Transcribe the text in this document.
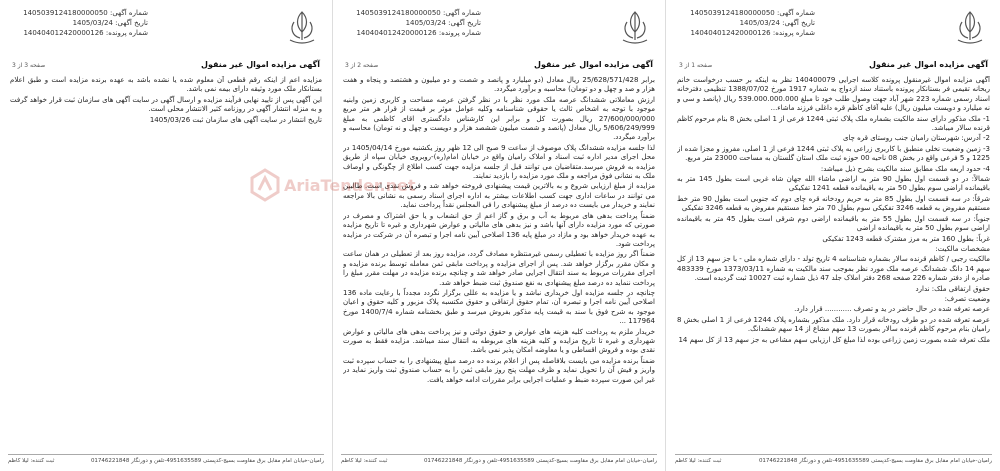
شماره آگهی: 1405039124180000050
تاریخ آگهی: 1405/03/24
شماره پرونده: 140404012420000126
صفحه 1 از 3	آگهی مزایده اموال غیر منقول

آگهی مزایده اموال غیرمنقول پرونده کلاسه اجرایی 140400079 نظر به اینکه بر حسب درخواست خانم ریحانه تقیمی فر بستانکار پرونده باستناد سند ازدواج به شماره 1917 مورخ 1388/07/02 تنظیمی دفترخانه اسناد رسمی شماره 223 شهر آباد جهت وصول طلب خود تا مبلغ 539.000.000.000 ریال (پانصد و سی و نه میلیارد و دویست میلیون ریال) علیه آقای کاظم قره داغلی فرزند ماشاء...

1- ملک مذکور دارای سند مالکیت بشماره ملک پلاک ثبتی 1244 فرعی از 1 اصلی بخش 8 بنام مرحوم کاظم قرنده سالار میباشد.

2- آدرس: شهرستان رامیان جنب روستای قره چای

3- زمین وضعیت نخلی منطبق با کاربری زراعی به پلاک ثبتی 1244 فرعی از 1 اصلی، مفروز و مجزا شده از 1225 و 5 فرعی واقع در بخش 08 ناحیه 00 حوزه ثبت ملک استان گلستان به مساحت 23000 متر مربع.

4- حدود اربعه ملک مطابق سند مالکیت بشرح ذیل میباشد:

شمالاً: در دو قسمت اول بطول 90 متر به اراضی ماشاء الله جهان شاه غربی است بطول 145 متر به باقیمانده اراضی سوم بطول 50 متر به باقیمانده قطعه 1241 تفکیکی

شرقاً: در سه قسمت اول بطول 85 متر به حریم رودخانه قره چای دوم که جنوبی است بطول 90 متر خط مستقیم مفروض به قطعه 3246 تفکیکی سوم بطول 70 متر خط مستقیم مفروض به قطعه 3246 تفکیکی

جنوباً: در سه قسمت اول بطول 55 متر به باقیمانده اراضی دوم شرقی است بطول 45 متر به باقیمانده اراضی سوم بطول 50 متر به باقیمانده اراضی

غرباً: بطول 160 متر به مرز مشترک قطعه 1243 تفکیکی

مشخصات مالکیت:

مالکیت رجبی / کاظم قرنده سالار بشماره شناسنامه 4 تاریخ تولد - دارای شماره ملی - با جز سهم 13 از کل سهم 14 دانگ ششدانگ عرصه ملک مورد نظر بموجب سند مالکیت به شماره 1373/03/11 مورخ 483339 صادره از دفتر شماره 226 صفحه 268 دفتر املاک جلد 47 ذیل شماره ثبت 10027 ثبت گردیده است.

حقوق ارتفاقی ملک: ندارد

وضعیت تصرف:

عرصه تعرفه شده در حال حاضر در ید و تصرف ............ قرار دارد.

عرصه تعرفه شده در دو طرف رودخانه قرار دارد. ملک مذکور بشماره پلاک 1244 فرعی از 1 اصلی بخش 8 رامیان بنام مرحوم کاظم قرنده سالار بصورت 13 سهم مشاع از 14 سهم ششدانگ.

ملک تعرفه شده بصورت زمین زراعی بوده لذا مبلغ کل ارزیابی سهم مشاعی به جز سهم 13 از کل سهم 14

رامیان-خیابان امام مقابل برق مقاومت بسیج-کدپستی 4951635589-تلفن و دورنگار 01746221848
ثبت کننده: لیلا کاظم
شماره آگهی: 1405039124180000050
تاریخ آگهی: 1405/03/24
شماره پرونده: 140404012420000126
صفحه 2 از 3	آگهی مزایده اموال غیر منقول

برابر 25/628/571/428 ریال معادل (دو میلیارد و پانصد و شصت و دو میلیون و هشتصد و پنجاه و هفت هزار و صد و چهل و دو تومان) محاسبه و برآورد میگردد.

ارزش معاملاتی ششدانگ عرصه ملک مورد نظر با در نظر گرفتن عرصه مساحت و کاربری زمین وابنیه موجود با توجه به اشخاص ثالث یا حقوقی شناسنامه وکلیه عوامل موثر بر قیمت از قرار هر متر مربع 27/600/000/000 ریال بصورت کل و برابر این کارشناس دادگستری اقای کاظمی به مبلغ 5/606/249/999 ریال معادل (پانصد و شصت میلیون ششصد هزار و دویست و چهل و نه تومان) محاسبه و برآورد میگردد.

لذا جلسه مزایده ششدانگ پلاک موصوف از ساعت 9 صبح الی 12 ظهر روز یکشنبه مورخ 1405/04/14 در محل اجرای مدیر اداره ثبت اسناد و املاک رامیان واقع در خیابان امام(ره)-روبروی خیابان سپاه از طریق مزایده به فروش میرسد.متقاضیان می توانند قبل از جلسه مزایده جهت کسب اطلاع از چگونگی و اوصاف ملک به نشانی فوق مراجعه و ملک مورد مزایده را بازدید نمایند.

مزایده از مبلغ ارزیابی شروع و به بالاترین قیمت پیشنهادی فروخته خواهد شد و فروش نقدی است. طالبین می توانند در ساعات اداری جهت کسب اطلاعات بیشتر به اداره اجرای اسناد رسمی به نشانی بالا مراجعه نمایند و خریدار می بایست ده درصد از مبلغ پیشنهادی را فی المجلس نقداً پرداخت نماید.

ضمناً پرداخت بدهی های مربوط به آب و برق و گاز اعم از حق انشعاب و یا حق اشتراک و مصرف در صورتی که مورد مزایده دارای آنها باشد و نیز بدهی های مالیاتی و عوارض شهرداری و غیره تا تاریخ مزایده به عهده خریدار خواهد بود و مازاد در مبلغ پایه 136 اصلاحی آیین نامه اجرا و تبصره آن در شرکت در مزایده پرداخت شود.

ضمناً اگر روز مزایده با تعطیلی رسمی غیرمنتظره مصادف گردد، مزایده روز بعد از تعطیلی در همان ساعت و مکان مقرر برگزار خواهد شد. پس از اجرای مزایده و پرداخت مابقی ثمن معامله توسط برنده مزایده و اجرای مقررات مربوط به سند انتقال اجرایی صادر خواهد شد و چنانچه برنده مزایده در مهلت مقرر مبلغ را پرداخت ننماید ده درصد مبلغ پیشنهادی به نفع صندوق ثبت ضبط خواهد شد.

چنانچه در جلسه مزایده اول خریداری نباشد و یا مزایده به عللی برگزار نگردد مجدداً با رعایت ماده 136 اصلاحی آیین نامه اجرا و تبصره آن، تمام حقوق ارتفاقی و حقوق مکتسبه پلاک مزبور و کلیه حقوق و اعیان موجود به شرح فوق با سند به قیمت پایه مذکور بفروش میرسد و طبق بخشنامه شماره 1400/7/4 مورخ 117964 ...

خریدار ملزم به پرداخت کلیه هزینه های عوارض و حقوق دولتی و نیز پرداخت بدهی های مالیاتی و عوارض شهرداری و غیره تا تاریخ مزایده و کلیه هزینه های مربوطه به انتقال سند میباشد. مزایده فقط به صورت نقدی بوده و فروش اقساطی و یا معاوضه امکان پذیر نمی باشد.

ضمناً برنده مزایده می بایست بلافاصله پس از اعلام برنده ده درصد مبلغ پیشنهادی را به حساب سپرده ثبت واریز و فیش آن را تحویل نماید و ظرف مهلت پنج روز مابقی ثمن را به حساب صندوق ثبت واریز نماید در غیر این صورت سپرده ضبط و عملیات اجرایی برابر مقررات ادامه خواهد یافت.

رامیان-خیابان امام مقابل برق مقاومت بسیج-کدپستی 4951635589-تلفن و دورنگار 01746221848
ثبت کننده: لیلا کاظم
شماره آگهی: 1405039124180000050
تاریخ آگهی: 1405/03/24
شماره پرونده: 140404012420000126
صفحه 3 از 3	آگهی مزایده اموال غیر منقول

مزایده اعم از اینکه رقم قطعی آن معلوم شده یا نشده باشد به عهده برنده مزایده است و طبق اعلام بستانکار ملک مورد وثیقه دارای بیمه نمی باشد.

این آگهی پس از تایید نهایی فرآیند مزایده و ارسال آگهی در سایت آگهی های سازمان ثبت قرار خواهد گرفت و به منزله انتشار آگهی در روزنامه کثیر الانتشار محلی است.

تاریخ انتشار در سایت آگهی های سازمان ثبت 1405/03/26

رامیان-خیابان امام مقابل برق مقاومت بسیج-کدپستی 4951635589-تلفن و دورنگار 01746221848
ثبت کننده: لیلا کاظم
AriaTender.net
